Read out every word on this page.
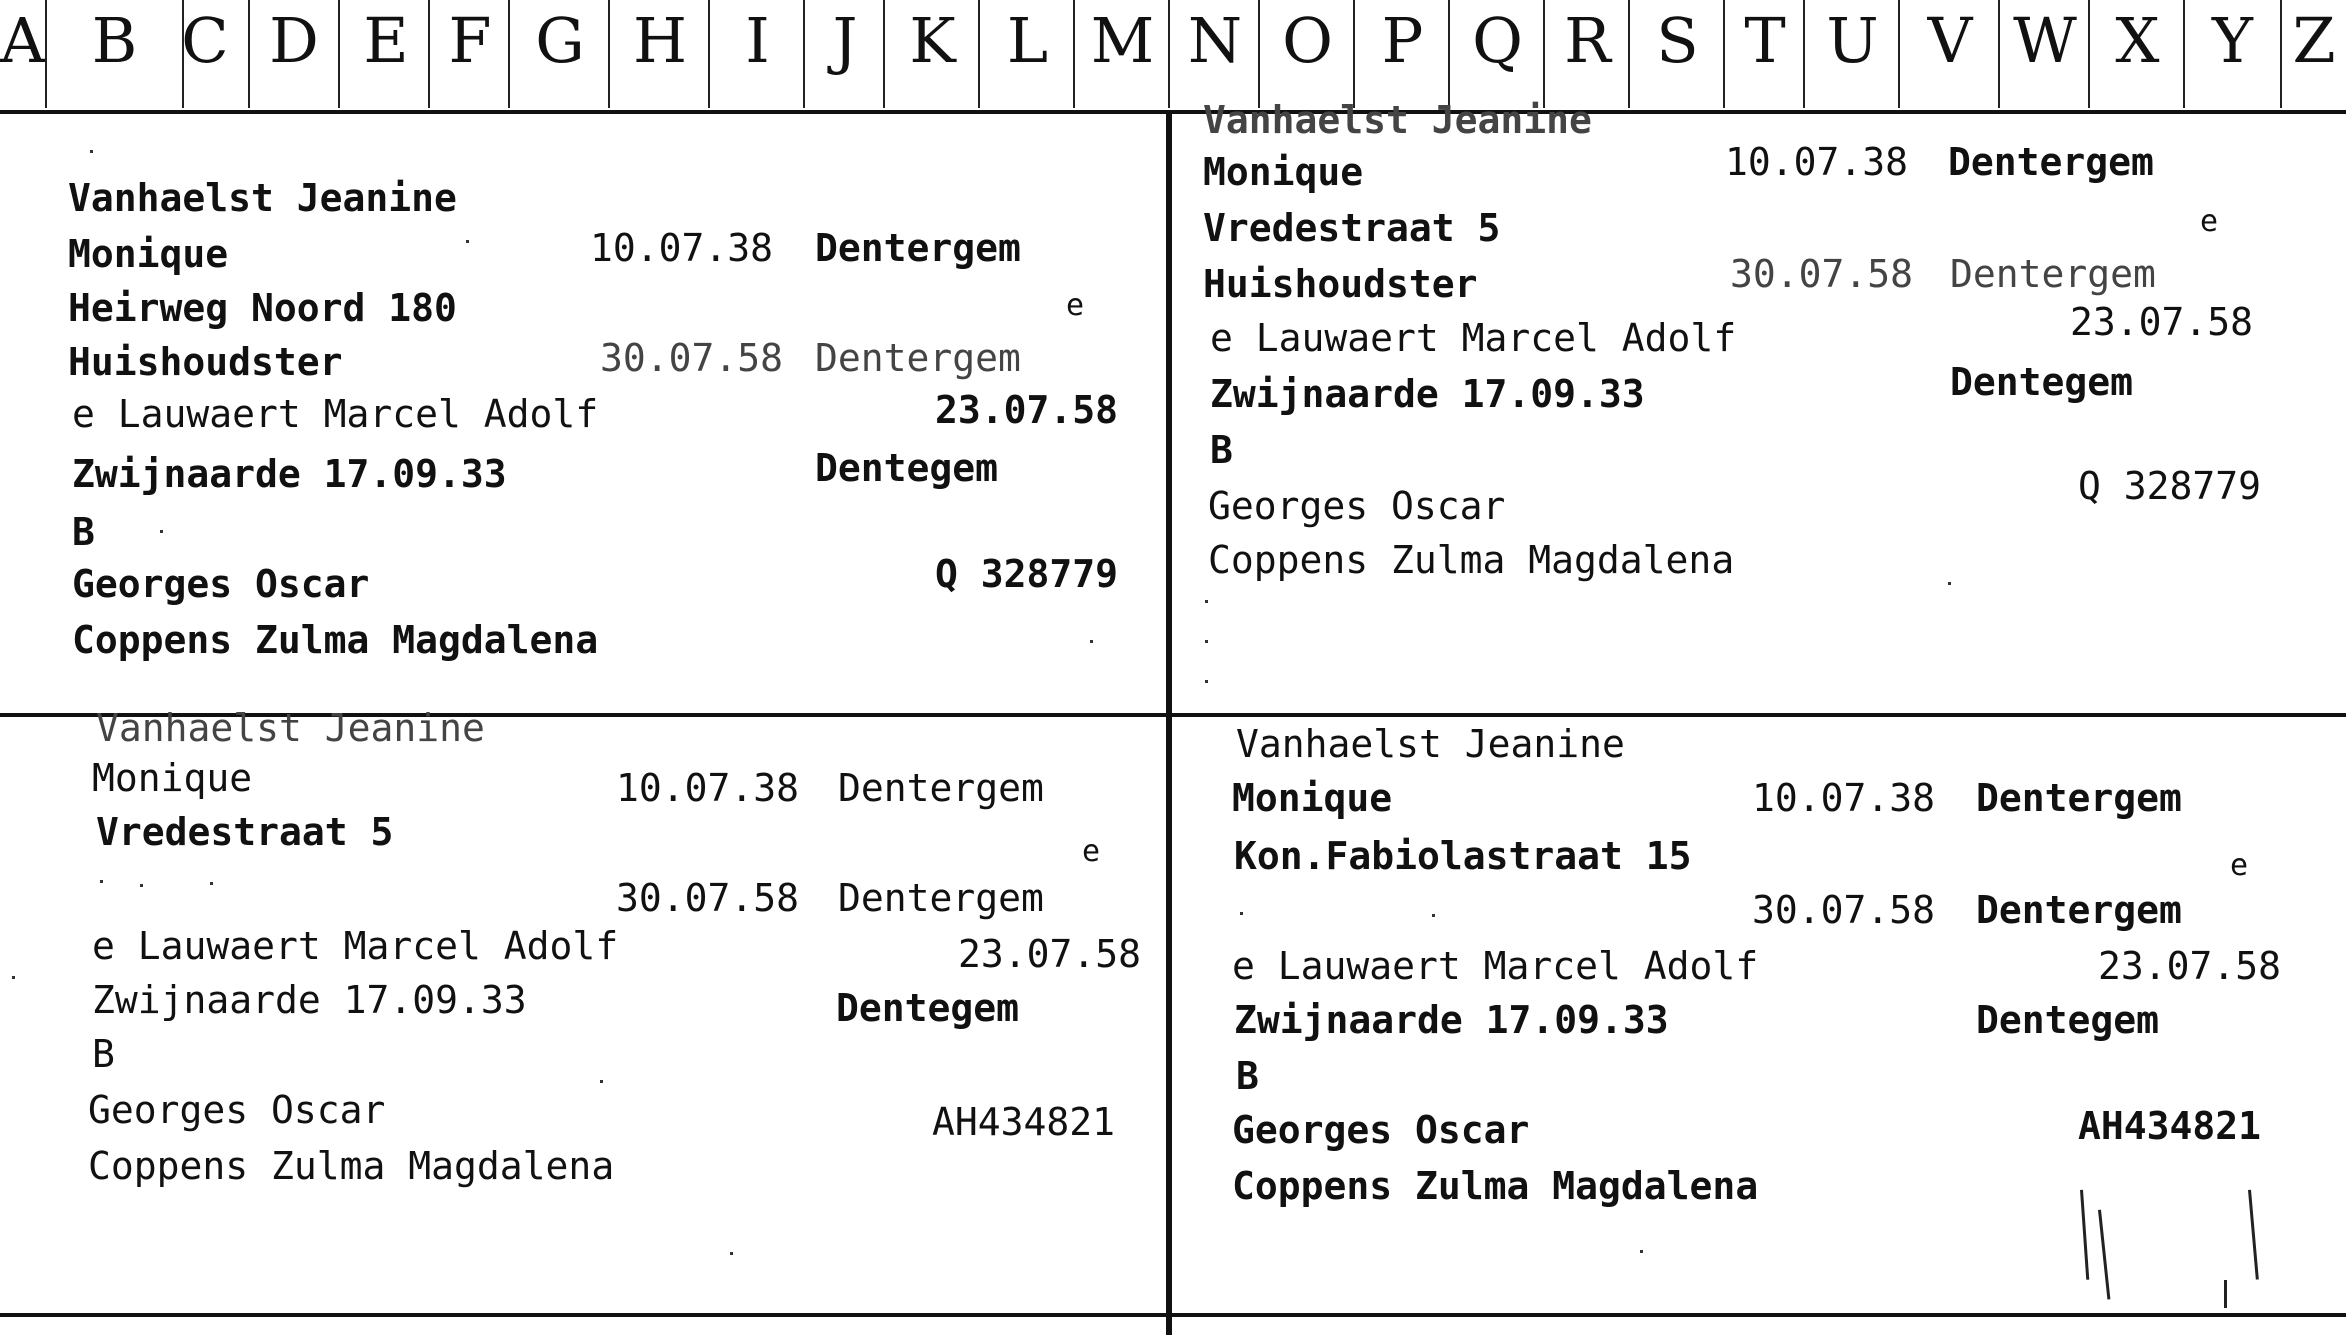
A B C D E F G H I	J K L M N O P Q R S T U V W X Y Z
Vanhaelst Jeanine
Monique	10.07.38 Dentergem
Heirweg Noord 180	e
Huishoudster	30.07.58 Dentergem
e Lauwaert Marcel Adolf	23.07.58
Zwijnaarde 17.09.33	Dentegem
B
Georges Oscar	Q 328779
Coppens Zulma Magdalena
Vanhaelst Jeanine
Monique	10.07.38 Dentergem
Vredestraat 5	e
Huishoudster	30.07.58 Dentergem
e Lauwaert Marcel Adolf	23.07.58
Zwijnaarde 17.09.33	Dentegem
B
Georges Oscar	Q 328779
Coppens Zulma Magdalena
Vanhaelst Jeanine
Monique	10.07.38 Dentergem
Vredestraat 5	e
30.07.58 Dentergem
e Lauwaert Marcel Adolf	23.07.58
Zwijnaarde 17.09.33	Dentegem
B
Georges Oscar	AH434821
Coppens Zulma Magdalena
Vanhaelst Jeanine
Monique	10.07.38 Dentergem
Kon.Fabiolastraat 15	e
30.07.58 Dentergem
e Lauwaert Marcel Adolf	23.07.58
Zwijnaarde 17.09.33	Dentegem
B
Georges Oscar	AH434821
Coppens Zulma Magdalena
